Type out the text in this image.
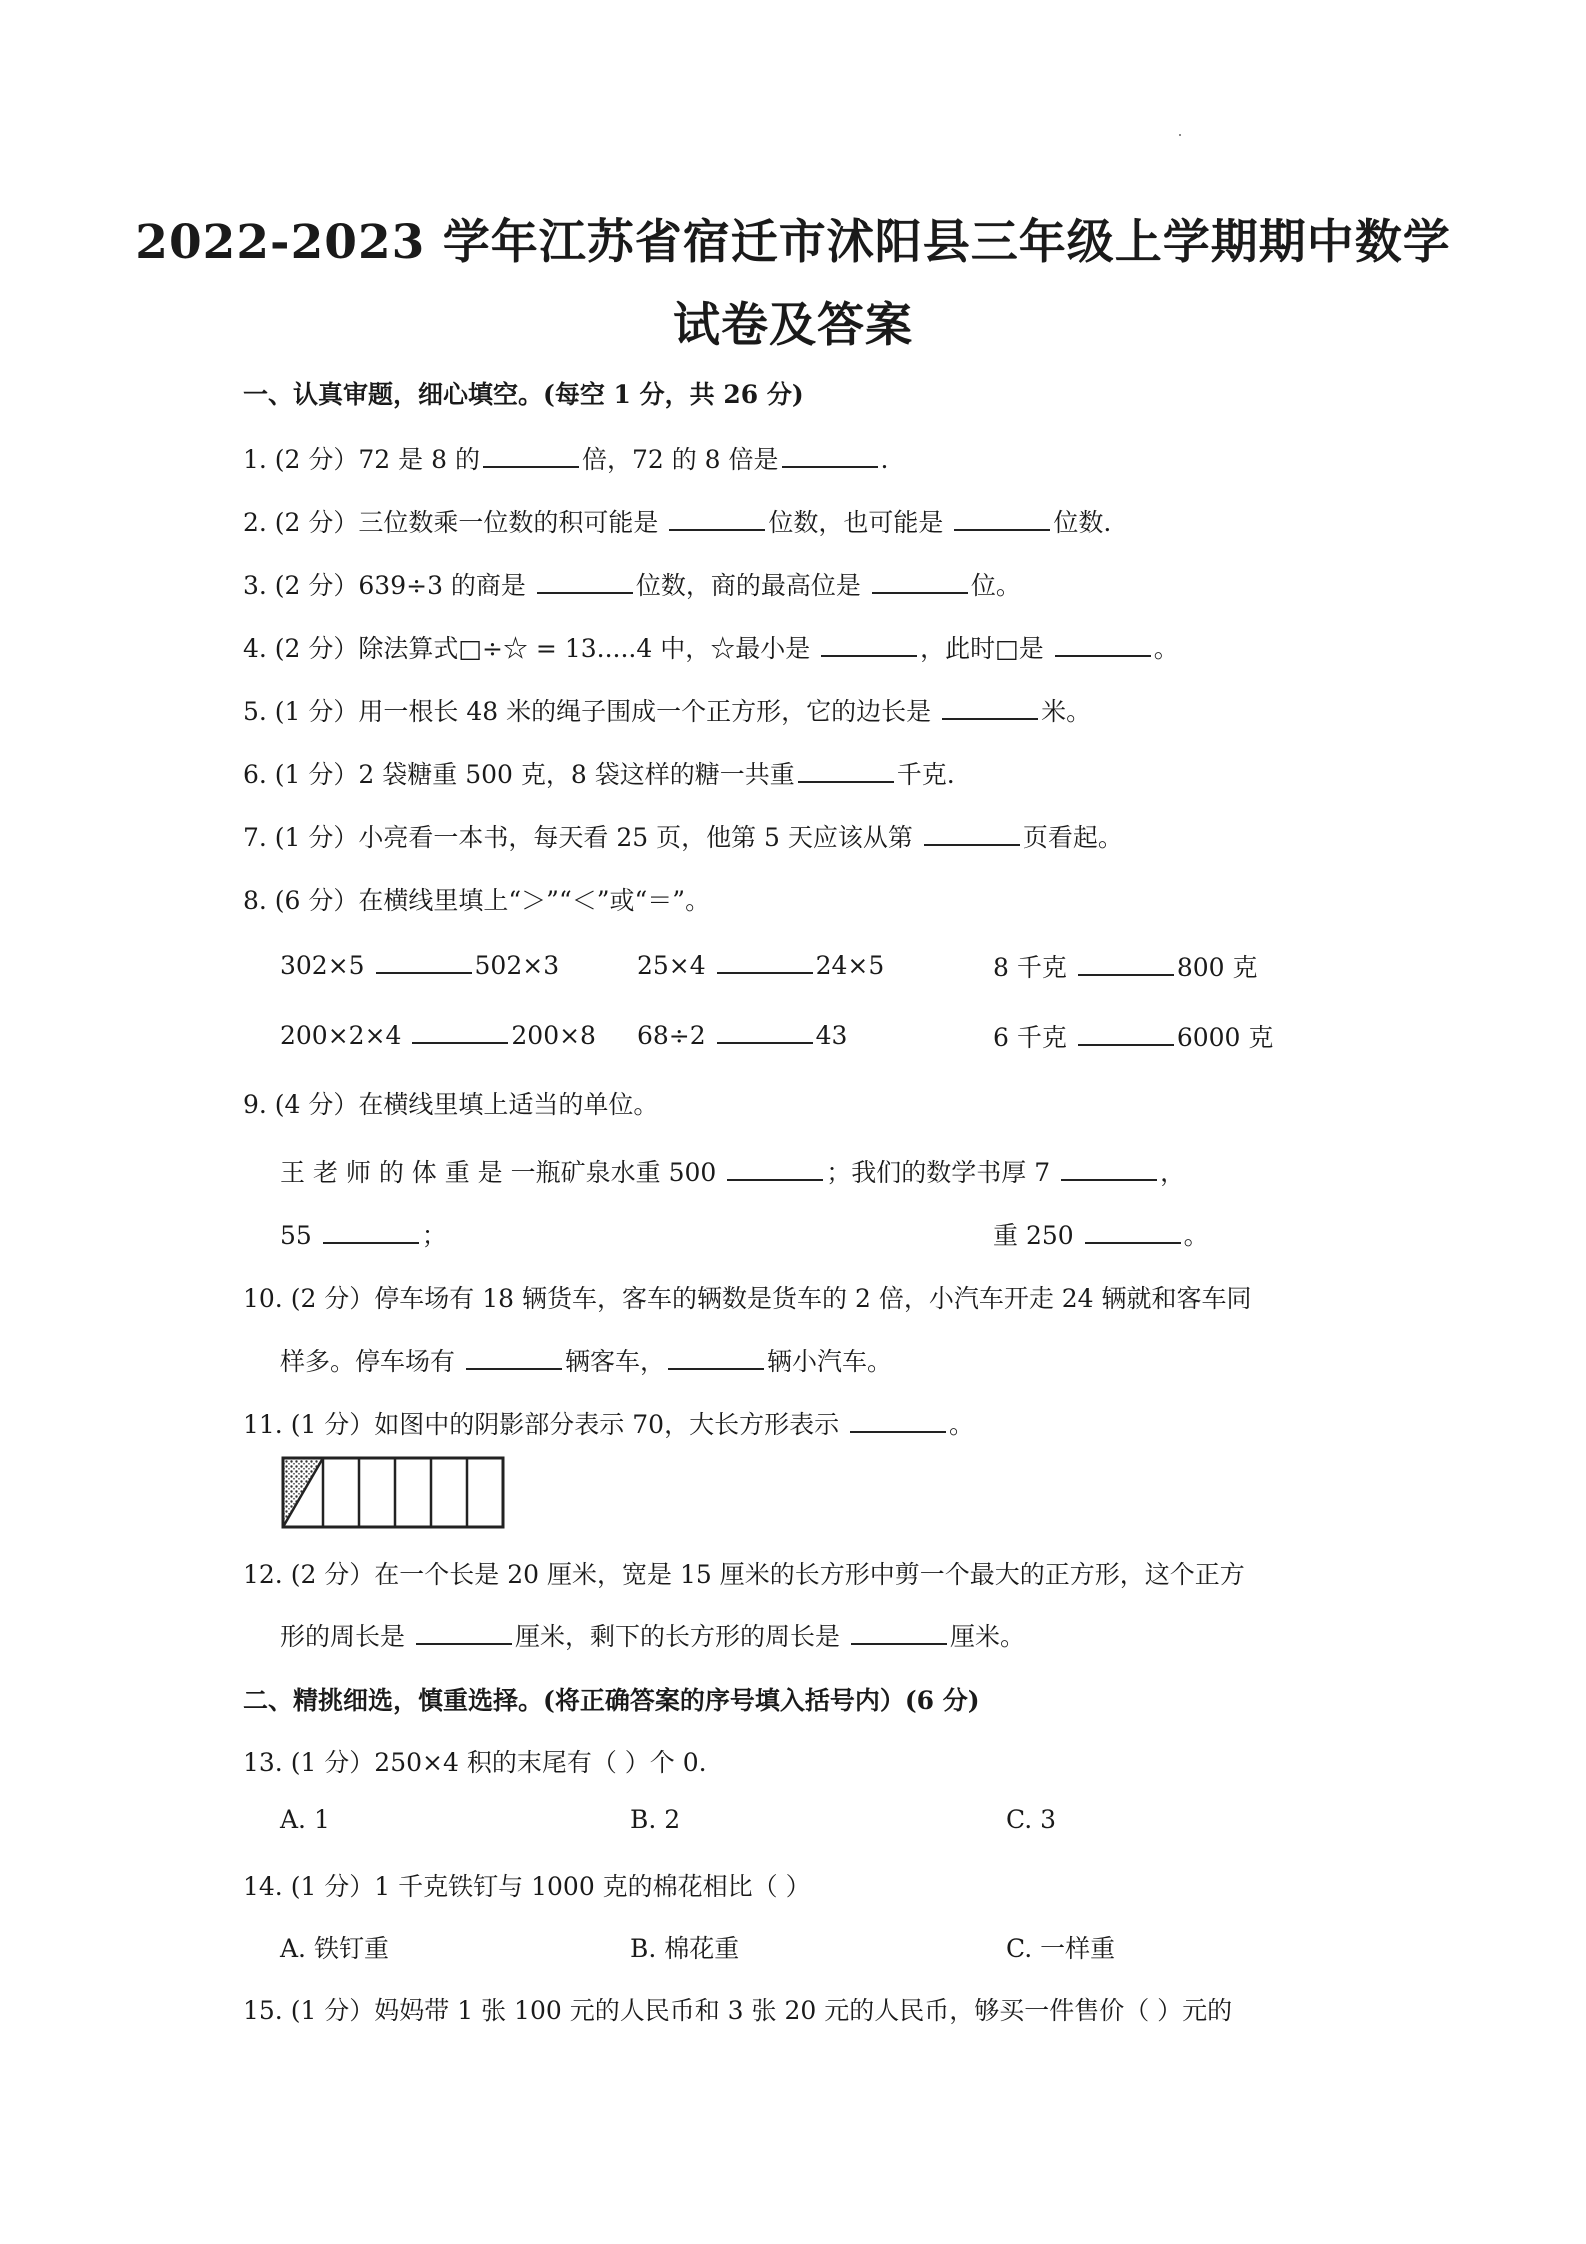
2022-2023 学年江苏省宿迁市沭阳县三年级上学期期中数学
试卷及答案
一、认真审题，细心填空。(每空 1 分，共 26 分)
1. (2 分）72 是 8 的	倍，72 的 8 倍是	.
2. (2 分）三位数乘一位数的积可能是	位数，也可能是	位数.
3. (2 分）639÷3 的商是	位数，商的最高位是	位。
4. (2 分）除法算式□÷☆ = 13.....4 中，☆最小是	，此时□是	。
5. (1 分）用一根长 48 米的绳子围成一个正方形，它的边长是	米。
6. (1 分）2 袋糖重 500 克，8 袋这样的糖一共重	千克.
7. (1 分）小亮看一本书，每天看 25 页，他第 5 天应该从第	页看起。
8. (6 分）在横线里填上“＞”“＜”或“＝”。
302×5	502×3	25×4	24×5	8 千克	800 克
200×2×4	200×8 68÷2	43	6 千克	6000 克
9. (4 分）在横线里填上适当的单位。
王 老 师 的 体 重 是 一瓶矿泉水重 500	；我们的数学书厚 7	，
55	；	重 250	。
10. (2 分）停车场有 18 辆货车，客车的辆数是货车的 2 倍，小汽车开走 24 辆就和客车同
样多。停车场有	辆客车，	辆小汽车。
11. (1 分）如图中的阴影部分表示 70，大长方形表示	。
12. (2 分）在一个长是 20 厘米，宽是 15 厘米的长方形中剪一个最大的正方形，这个正方
形的周长是	厘米，剩下的长方形的周长是	厘米。
二、精挑细选，慎重选择。(将正确答案的序号填入括号内）(6 分)
13. (1 分）250×4 积的末尾有（ ）个 0.
A. 1	B. 2	C. 3
14. (1 分）1 千克铁钉与 1000 克的棉花相比（ ）
A. 铁钉重	B. 棉花重	C. 一样重
15. (1 分）妈妈带 1 张 100 元的人民币和 3 张 20 元的人民币，够买一件售价（ ）元的
